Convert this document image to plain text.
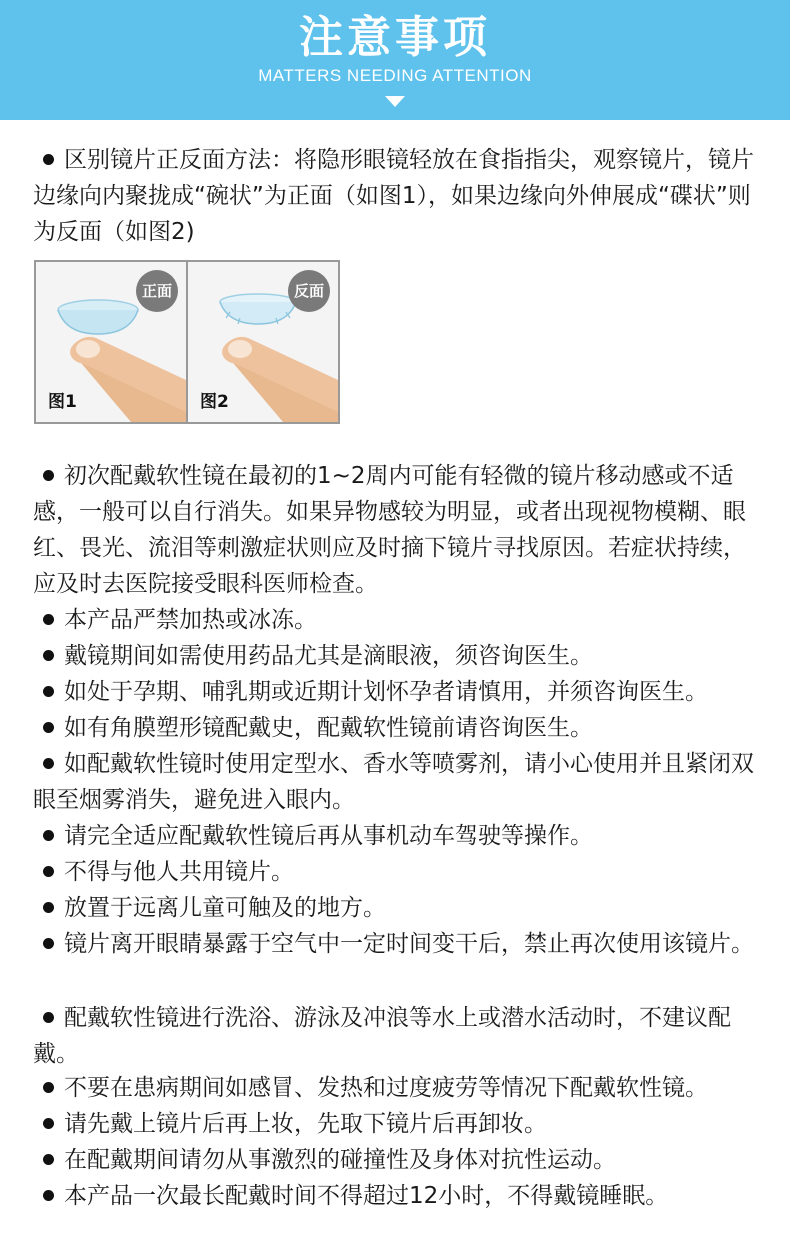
注意事项
MATTERS NEEDING ATTENTION
区别镜片正反面方法：将隐形眼镜轻放在食指指尖，观察镜片，镜片边缘向内聚拢成“碗状”为正面（如图1），如果边缘向外伸展成“碟状”则为反面（如图2)
正面
图1
反面
图2
初次配戴软性镜在最初的1~2周内可能有轻微的镜片移动感或不适感，一般可以自行消失。如果异物感较为明显，或者出现视物模糊、眼红、畏光、流泪等刺激症状则应及时摘下镜片寻找原因。若症状持续，应及时去医院接受眼科医师检查。
本产品严禁加热或冰冻。
戴镜期间如需使用药品尤其是滴眼液，须咨询医生。
如处于孕期、哺乳期或近期计划怀孕者请慎用，并须咨询医生。
如有角膜塑形镜配戴史，配戴软性镜前请咨询医生。
如配戴软性镜时使用定型水、香水等喷雾剂，请小心使用并且紧闭双眼至烟雾消失，避免进入眼内。
请完全适应配戴软性镜后再从事机动车驾驶等操作。
不得与他人共用镜片。
放置于远离儿童可触及的地方。
镜片离开眼睛暴露于空气中一定时间变干后，禁止再次使用该镜片。
配戴软性镜进行洗浴、游泳及冲浪等水上或潜水活动时，不建议配戴。
不要在患病期间如感冒、发热和过度疲劳等情况下配戴软性镜。
请先戴上镜片后再上妆，先取下镜片后再卸妆。
在配戴期间请勿从事激烈的碰撞性及身体对抗性运动。
本产品一次最长配戴时间不得超过12小时，不得戴镜睡眠。
